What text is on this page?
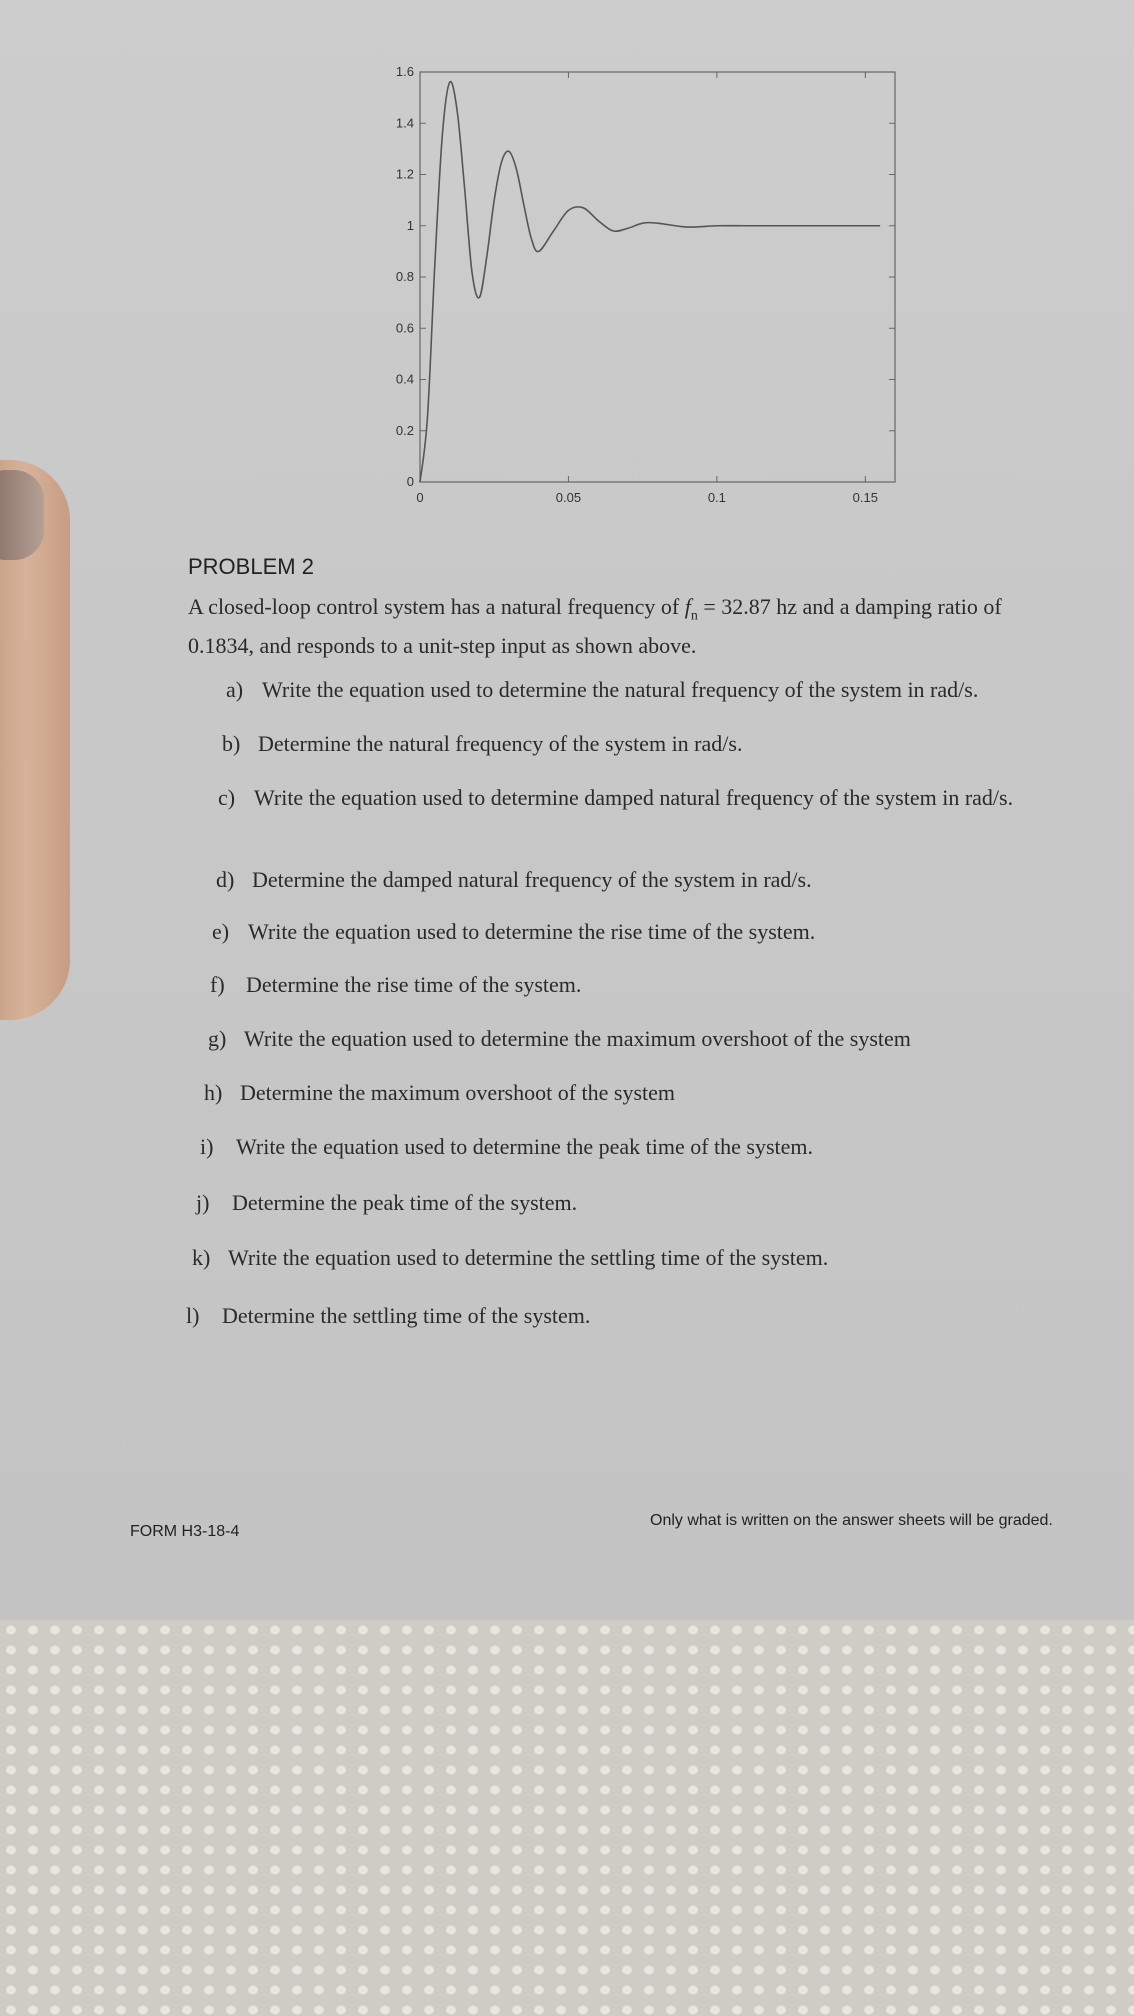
0
0.2
0.4
0.6
0.8
1
1.2
1.4
1.6
0	0.05	0.1	0.15
PROBLEM 2
A closed-loop control system has a natural frequency of $f_n = 32.87$ hz and a damping ratio of 0.1834, and responds to a unit-step input as shown above.
a) Write the equation used to determine the natural frequency of the system in rad/s.
b) Determine the natural frequency of the system in rad/s.
c) Write the equation used to determine damped natural frequency of the system in rad/s.
d) Determine the damped natural frequency of the system in rad/s.
e) Write the equation used to determine the rise time of the system.
f) Determine the rise time of the system.
g) Write the equation used to determine the maximum overshoot of the system
h) Determine the maximum overshoot of the system
i) Write the equation used to determine the peak time of the system.
j) Determine the peak time of the system.
k) Write the equation used to determine the settling time of the system.
l) Determine the settling time of the system.
FORM H3-18-4
Only what is written on the answer sheets will be graded.
